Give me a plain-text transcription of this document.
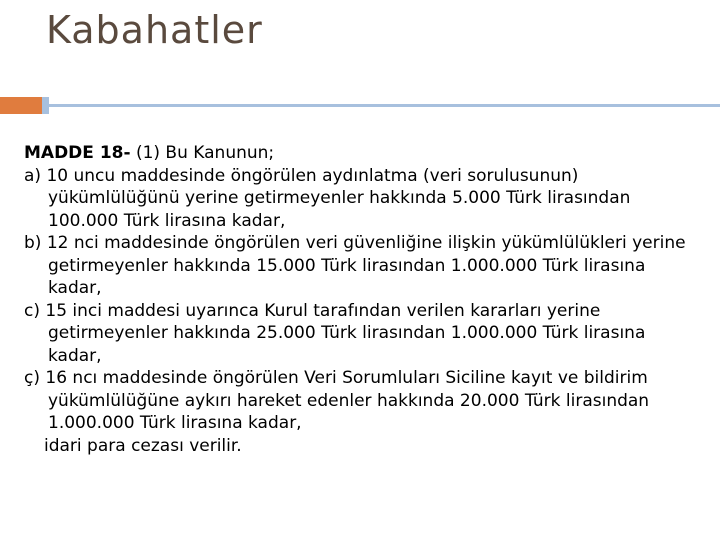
Kabahatler

MADDE 18- (1) Bu Kanunun;

a) 10 uncu maddesinde öngörülen aydınlatma (veri sorulusunun) yükümlülüğünü yerine getirmeyenler hakkında 5.000 Türk lirasından 100.000 Türk lirasına kadar,

b) 12 nci maddesinde öngörülen veri güvenliğine ilişkin yükümlülükleri yerine getirmeyenler hakkında 15.000 Türk lirasından 1.000.000 Türk lirasına kadar,

c) 15 inci maddesi uyarınca Kurul tarafından verilen kararları yerine getirmeyenler hakkında 25.000 Türk lirasından 1.000.000 Türk lirasına kadar,

ç) 16 ncı maddesinde öngörülen Veri Sorumluları Siciline kayıt ve bildirim yükümlülüğüne aykırı hareket edenler hakkında 20.000 Türk lirasından 1.000.000 Türk lirasına kadar,

idari para cezası verilir.
